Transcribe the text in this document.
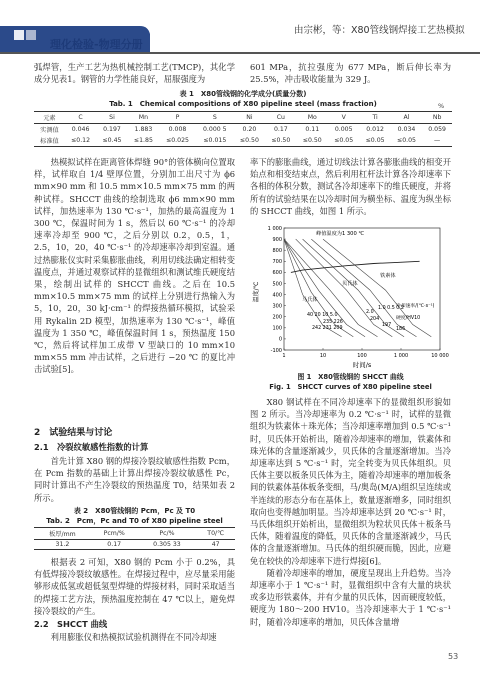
理化检验-物理分册
由宗彬，等：X80管线钢焊接工艺热模拟

弧焊管，生产工艺为热机械控制工艺(TMCP)，其化学成分见表1。钢管的力学性能良好，屈服强度为

601 MPa，抗拉强度为 677 MPa，断后伸长率为 25.5%，冲击吸收能量为 329 J。

表 1　X80管线钢的化学成分(质量分数)
Tab. 1　Chemical compositions of X80 pipeline steel (mass fraction)	%
元素	C	Si	Mn	P	S	Ni	Cu	Mo	V	Ti	Al	Nb
实测值	0.046	0.197	1.883	0.008	0.000 5	0.20	0.17	0.11	0.005	0.012	0.034	0.059
标准值	≤0.12	≤0.45	≤1.85	≤0.025	≤0.015	≤0.50	≤0.50	≤0.50	≤0.05	≤0.05	≤0.05	—

热模拟试样在距离管体焊缝 90°的管体横向位置取样，试样取自 1/4 壁厚位置，分别加工出尺寸为 ϕ6 mm×90 mm 和 10.5 mm×10.5 mm×75 mm 的两种试样。SHCCT 曲线的绘制选取 ϕ6 mm×90 mm 试样，加热速率为 130 ℃·s⁻¹，加热的最高温度为 1 300 ℃，保温时间为 1 s，然后以 60 ℃·s⁻¹ 的冷却速率冷却至 900 ℃，之后分别以 0.2，0.5，1，2.5，10，20，40 ℃·s⁻¹ 的冷却速率冷却到室温。通过热膨胀仪实时采集膨胀曲线，利用切线法确定相转变温度点，并通过观察试样的显微组织和测试维氏硬度结果，绘制出试样的 SHCCT 曲线。之后在 10.5 mm×10.5 mm×75 mm 的试样上分别进行热输入为 5，10，20，30 kJ·cm⁻¹ 的焊接热循环模拟，试验采用 Rykalin 2D 模型，加热速率为 130 ℃·s⁻¹，峰值温度为 1 350 ℃，峰值保温时间 1 s，预热温度 150 ℃，然后将试样加工成带 V 型缺口的 10 mm×10 mm×55 mm 冲击试样，之后进行 −20 ℃ 的夏比冲击试验[5]。

2　试验结果与讨论
2.1　冷裂纹敏感性指数的计算

首先计算 X80 钢的焊接冷裂纹敏感性指数 Pcm，在 Pcm 指数的基础上计算出焊接冷裂纹敏感性 Pc，同时计算出不产生冷裂纹的预热温度 T0，结果如表 2 所示。

表 2　X80管线钢的 Pcm，Pc 及 T0
Tab. 2　Pcm，Pc and T0 of X80 pipeline steel
板厚/mm	Pcm/%	Pc/%	T0/℃
31.2	0.17	0.305 33	47

根据表 2 可知，X80 钢的 Pcm 小于 0.2%，具有低焊接冷裂纹敏感性。在焊接过程中，应尽量采用能够形成低氢或超低氢型焊缝的焊接材料，同时采取适当的焊接工艺方法，预热温度控制在 47 ℃以上，避免焊接冷裂纹的产生。

2.2　SHCCT 曲线

利用膨胀仪和热模拟试验机测得在不同冷却速

率下的膨胀曲线，通过切线法计算各膨胀曲线的相变开始点和相变结束点，然后利用杠杆法计算各冷却速率下各相的体积分数，测试各冷却速率下的维氏硬度，并将所有的试验结果在以冷却时间为横坐标、温度为纵坐标的 SHCCT 曲线，如图 1 所示。

-100
0
100
200
300
400
500
600
700
800
900
1 000
1	10	100	1 000	10 000
温度/℃
时间/s
峰值温度为1 300 ℃
铁素体
贝氏体
马氏体
冷却速率/(℃·s⁻¹)
硬度/HV10
40 20 10 5.0
2.0
1.0 0.5 0.2
235 226
242 231 209
204
197
186
图 1　X80管线钢的 SHCCT 曲线
Fig. 1　SHCCT curves of X80 pipeline steel

X80 钢试样在不同冷却速率下的显微组织形貌如图 2 所示。当冷却速率为 0.2 ℃·s⁻¹ 时，试样的显微组织为铁素体＋珠光体；当冷却速率增加到 0.5 ℃·s⁻¹ 时，贝氏体开始析出，随着冷却速率的增加，铁素体和珠光体的含量逐渐减少，贝氏体的含量逐渐增加。当冷却速率达到 5 ℃·s⁻¹ 时，完全转变为贝氏体组织。贝氏体主要以板条贝氏体为主，随着冷却速率的增加板条间的铁素体基体板条变细，马/奥岛(M/A)组织呈连续或半连续的形态分布在基体上，数量逐渐增多，同时组织取向也变得越加明显。当冷却速率达到 20 ℃·s⁻¹ 时，马氏体组织开始析出，显微组织为粒状贝氏体＋板条马氏体，随着温度的降低，贝氏体的含量逐渐减少，马氏体的含量逐渐增加。马氏体的组织硬而脆，因此，应避免在较快的冷却速率下进行焊接[6]。

随着冷却速率的增加，硬度呈现出上升趋势。当冷却速率小于 1 ℃·s⁻¹ 时，显微组织中含有大量的块状或多边形铁素体，并有少量的贝氏体，因而硬度较低，硬度为 180～200 HV10。当冷却速率大于 1 ℃·s⁻¹ 时，随着冷却速率的增加，贝氏体含量增

53
